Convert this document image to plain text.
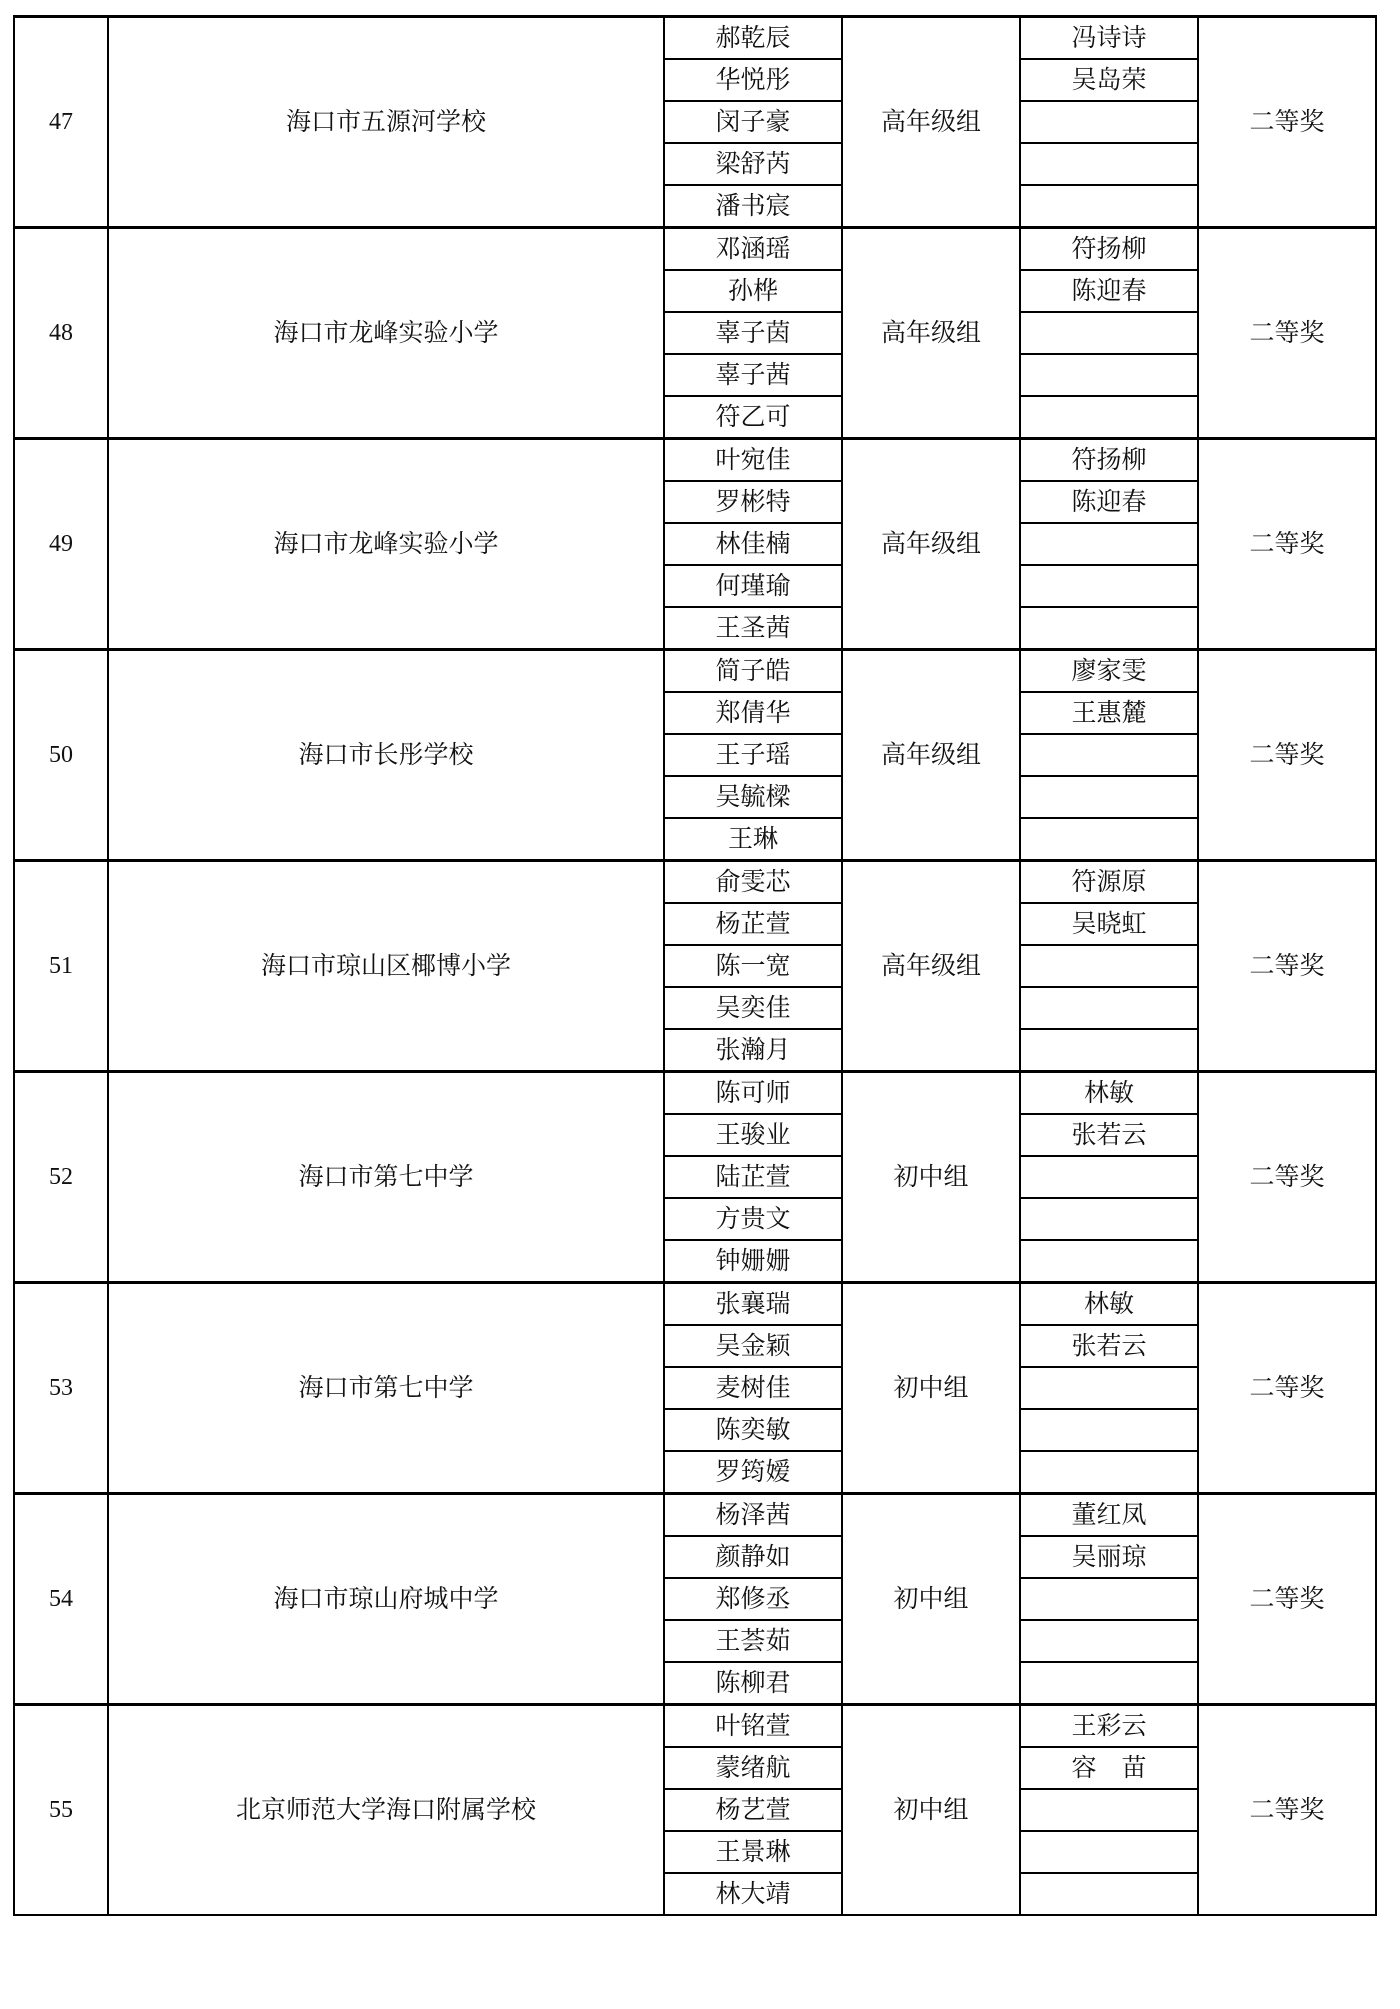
47	海口市五源河学校	郝乾辰	高年级组	冯诗诗	二等奖
		华悦彤		吴岛荣	
		闵子豪			
		梁舒芮			
		潘书宸			
48	海口市龙峰实验小学	邓涵瑶	高年级组	符扬柳	二等奖
		孙桦		陈迎春	
		辜子茵			
		辜子茜			
		符乙可			
49	海口市龙峰实验小学	叶宛佳	高年级组	符扬柳	二等奖
		罗彬特		陈迎春	
		林佳楠			
		何瑾瑜			
		王圣茜			
50	海口市长彤学校	简子皓	高年级组	廖家雯	二等奖
		郑倩华		王惠麓	
		王子瑶			
		吴毓樑			
		王琳			
51	海口市琼山区椰博小学	俞雯芯	高年级组	符源原	二等奖
		杨芷萱		吴晓虹	
		陈一宽			
		吴奕佳			
		张瀚月			
52	海口市第七中学	陈可师	初中组	林敏	二等奖
		王骏业		张若云	
		陆芷萱			
		方贵文			
		钟姗姗			
53	海口市第七中学	张襄瑞	初中组	林敏	二等奖
		吴金颖		张若云	
		麦树佳			
		陈奕敏			
		罗筠嫒			
54	海口市琼山府城中学	杨泽茜	初中组	董红凤	二等奖
		颜静如		吴丽琼	
		郑修丞			
		王荟茹			
		陈柳君			
55	北京师范大学海口附属学校	叶铭萱	初中组	王彩云	二等奖
		蒙绪航		容　苗	
		杨艺萱			
		王景琳			
		林大靖			
